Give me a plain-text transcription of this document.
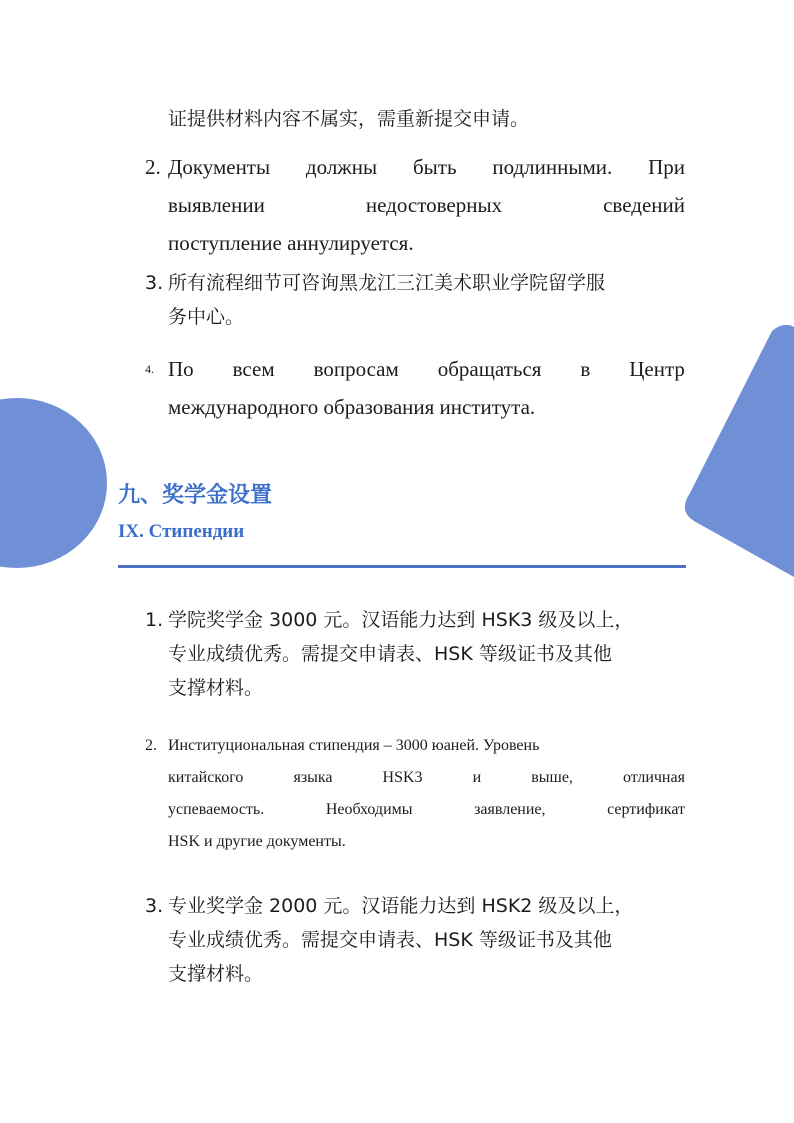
证提供材料内容不属实，需重新提交申请。
2. Документы должны быть подлинными. При
выявлении	недостоверных	сведений
поступление аннулируется.
3. 所有流程细节可咨询黑龙江三江美术职业学院留学服
务中心。
4. По всем вопросам обращаться в Центр
международного образования института.
九、奖学金设置
IX. Стипендии
1. 学院奖学金 3000 元。汉语能力达到 HSK3 级及以上，
专业成绩优秀。需提交申请表、HSK 等级证书及其他
支撑材料。
2. Институциональная стипендия – 3000 юаней. Уровень
китайского	языка	HSK3	и	выше,	отличная
успеваемость.	Необходимы	заявление,	сертификат
HSK и другие документы.
3. 专业奖学金 2000 元。汉语能力达到 HSK2 级及以上，
专业成绩优秀。需提交申请表、HSK 等级证书及其他
支撑材料。
